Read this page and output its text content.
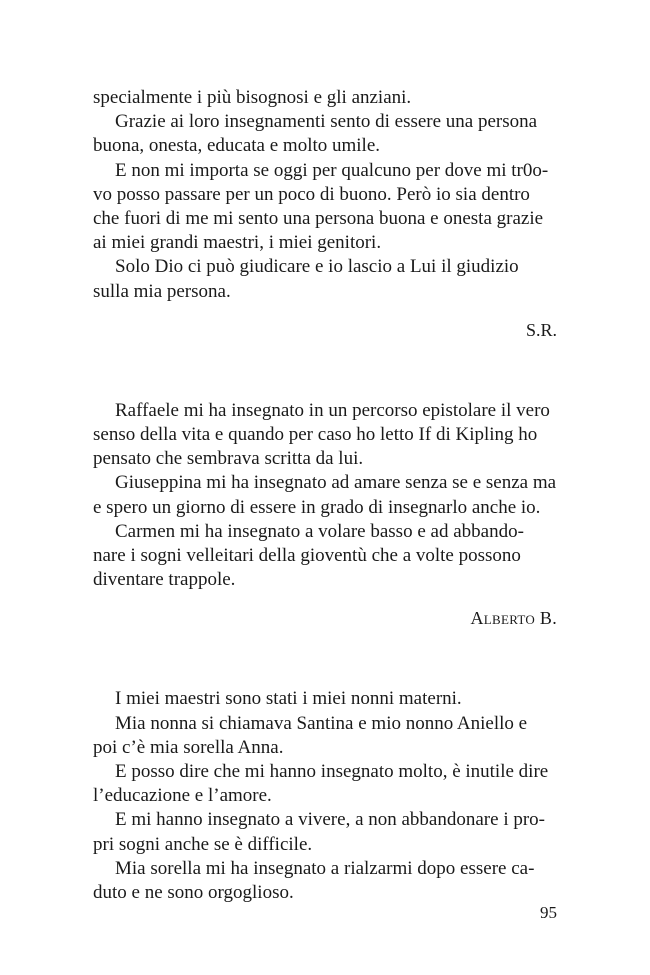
specialmente i più bisognosi e gli anziani.

Grazie ai loro insegnamenti sento di essere una persona
buona, onesta, educata e molto umile.

E non mi importa se oggi per qualcuno per dove mi tr0o-
vo posso passare per un poco di buono. Però io sia dentro
che fuori di me mi sento una persona buona e onesta grazie
ai miei grandi maestri, i miei genitori.

Solo Dio ci può giudicare e io lascio a Lui il giudizio
sulla mia persona.

S.R.

Raffaele mi ha insegnato in un percorso epistolare il vero
senso della vita e quando per caso ho letto If di Kipling ho
pensato che sembrava scritta da lui.

Giuseppina mi ha insegnato ad amare senza se e senza ma
e spero un giorno di essere in grado di insegnarlo anche io.

Carmen mi ha insegnato a volare basso e ad abbando-
nare i sogni velleitari della gioventù che a volte possono
diventare trappole.

Alberto B.

I miei maestri sono stati i miei nonni materni.

Mia nonna si chiamava Santina e mio nonno Aniello e
poi c’è mia sorella Anna.

E posso dire che mi hanno insegnato molto, è inutile dire
l’educazione e l’amore.

E mi hanno insegnato a vivere, a non abbandonare i pro-
pri sogni anche se è difficile.

Mia sorella mi ha insegnato a rialzarmi dopo essere ca-
duto e ne sono orgoglioso.

95
